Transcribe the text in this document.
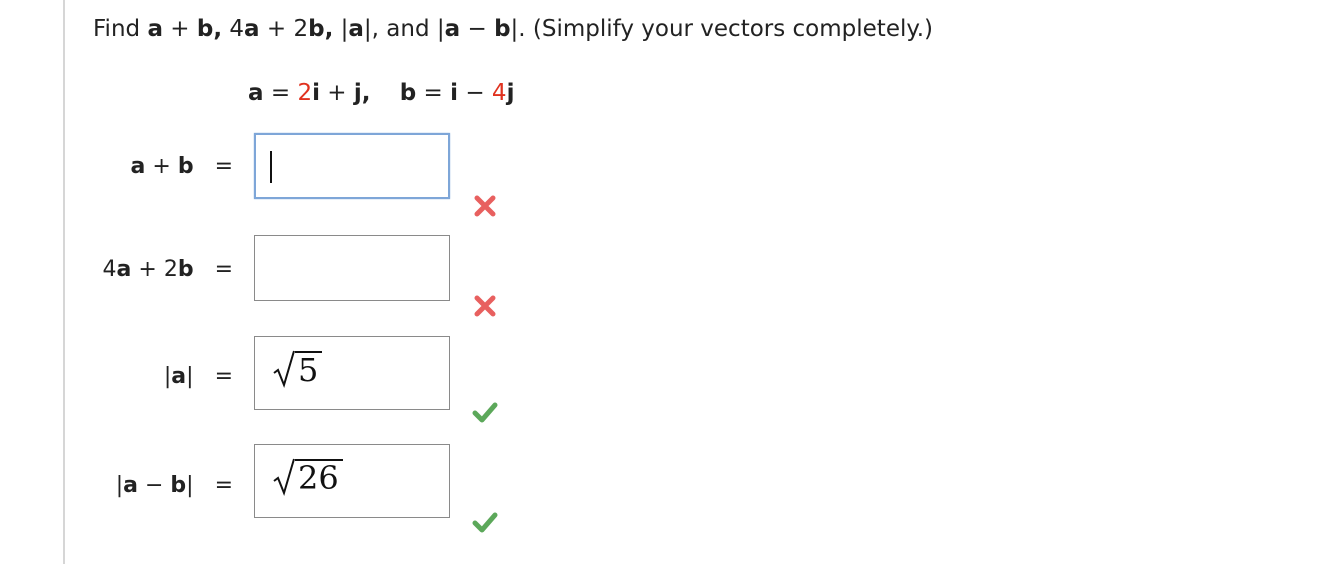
Find a + b, 4a + 2b, |a|, and |a − b|. (Simplify your vectors completely.)
a = 2i + j, b = i − 4j
a + b =
4a + 2b =
|a| =	5
|a − b| =	26
